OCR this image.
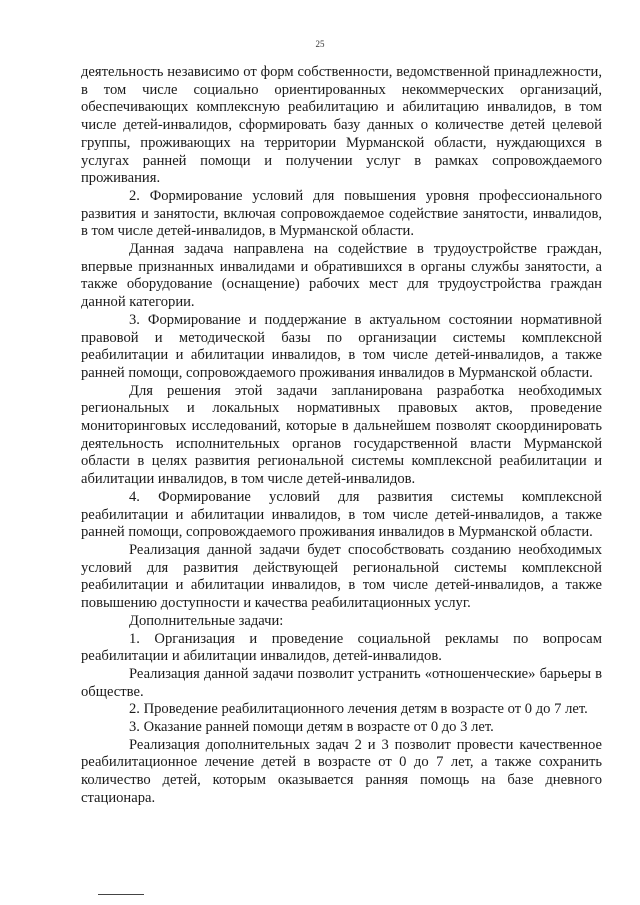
25

деятельность независимо от форм собственности, ведомственной принадлежности, в том числе социально ориентированных некоммерческих организаций, обеспечивающих комплексную реабилитацию и абилитацию инвалидов, в том числе детей-инвалидов, сформировать базу данных о количестве детей целевой группы, проживающих на территории Мурманской области, нуждающихся в услугах ранней помощи и получении услуг в рамках сопровождаемого проживания.

2. Формирование условий для повышения уровня профессионального развития и занятости, включая сопровождаемое содействие занятости, инвалидов, в том числе детей-инвалидов, в Мурманской области.

Данная задача направлена на содействие в трудоустройстве граждан, впервые признанных инвалидами и обратившихся в органы службы занятости, а также оборудование (оснащение) рабочих мест для трудоустройства граждан данной категории.

3. Формирование и поддержание в актуальном состоянии нормативной правовой и методической базы по организации системы комплексной реабилитации и абилитации инвалидов, в том числе детей-инвалидов, а также ранней помощи, сопровождаемого проживания инвалидов в Мурманской области.

Для решения этой задачи запланирована разработка необходимых региональных и локальных нормативных правовых актов, проведение мониторинговых исследований, которые в дальнейшем позволят скоординировать деятельность исполнительных органов государственной власти Мурманской области в целях развития региональной системы комплексной реабилитации и абилитации инвалидов, в том числе детей-инвалидов.

4. Формирование условий для развития системы комплексной реабилитации и абилитации инвалидов, в том числе детей-инвалидов, а также ранней помощи, сопровождаемого проживания инвалидов в Мурманской области.

Реализация данной задачи будет способствовать созданию необходимых условий для развития действующей региональной системы комплексной реабилитации и абилитации инвалидов, в том числе детей-инвалидов, а также повышению доступности и качества реабилитационных услуг.

Дополнительные задачи:

1. Организация и проведение социальной рекламы по вопросам реабилитации и абилитации инвалидов, детей-инвалидов.

Реализация данной задачи позволит устранить «отношенческие» барьеры в обществе.

2. Проведение реабилитационного лечения детям в возрасте от 0 до 7 лет.

3. Оказание ранней помощи детям в возрасте от 0 до 3 лет.

Реализация дополнительных задач 2 и 3 позволит провести качественное реабилитационное лечение детей в возрасте от 0 до 7 лет, а также сохранить количество детей, которым оказывается ранняя помощь на базе дневного стационара.
